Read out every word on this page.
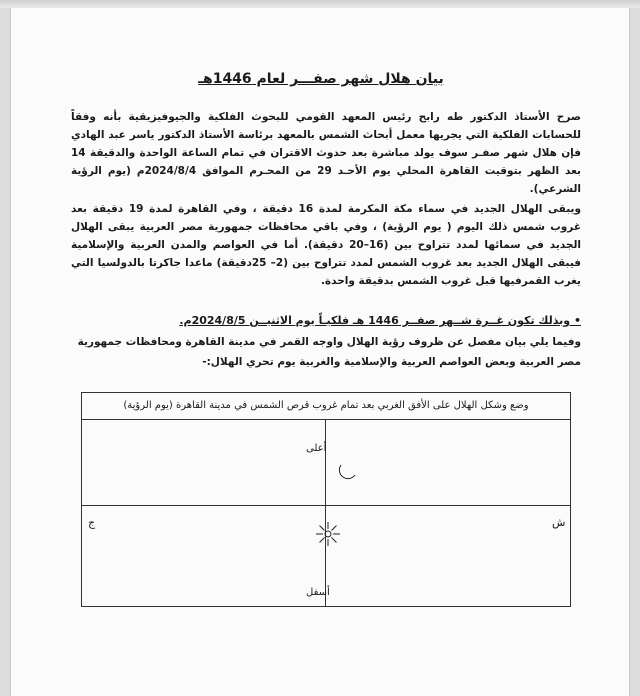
بيان هلال شهر صفـــر لعام 1446هـ
صرح الأستاذ الدكتور طه رابح رئيس المعهد القومي للبحوث الفلكية والجيوفيزيقية بأنه وفقاً للحسابات الفلكية التي يجريها معمل أبحاث الشمس بالمعهد برئاسة الأستاذ الدكتور ياسر عبد الهادي فإن هلال شهر صفـر سوف يولد مباشرة بعد حدوث الاقتران في تمام الساعة الواحدة والدقيقة 14 بعد الظهر بتوقيت القاهرة المحلي يوم الأحـد 29 من المحـرم الموافق 2024/8/4م (يوم الرؤية الشرعي).
ويبقى الهلال الجديد في سماء مكة المكرمة لمدة 16 دقيقة ، وفي القاهرة لمدة 19 دقيقة بعد غروب شمس ذلك اليوم ( يوم الرؤية) ، وفي باقي محافظات جمهورية مصر العربية يبقى الهلال الجديد في سمائها لمدد تتراوح بين (16–20 دقيقة). أما في العواصم والمدن العربية والإسلامية فيبقى الهلال الجديد بعد غروب الشمس لمدد تتراوح بين (2– 25دقيقة) ماعدا جاكرتا بالدولسيا التي يغرب القمرفيها قبل غروب الشمس بدقيقة واحدة.
• وبذلك تكون غــرة شــهر صفــر 1446 هـ فلكيـاً يوم الاثنيــن 2024/8/5م.
وفيما يلي بيان مفصل عن ظروف رؤية الهلال واوجه القمر في مدينة القاهرة ومحافظات جمهورية مصر العربية وبعض العواصم العربية والإسلامية والغربية يوم تحري الهلال:-
وضع وشكل الهلال على الأفق الغربي بعد تمام غروب قرص الشمس في مدينة القاهرة (يوم الرؤية)
أعلى
أسفل
ش
ج
